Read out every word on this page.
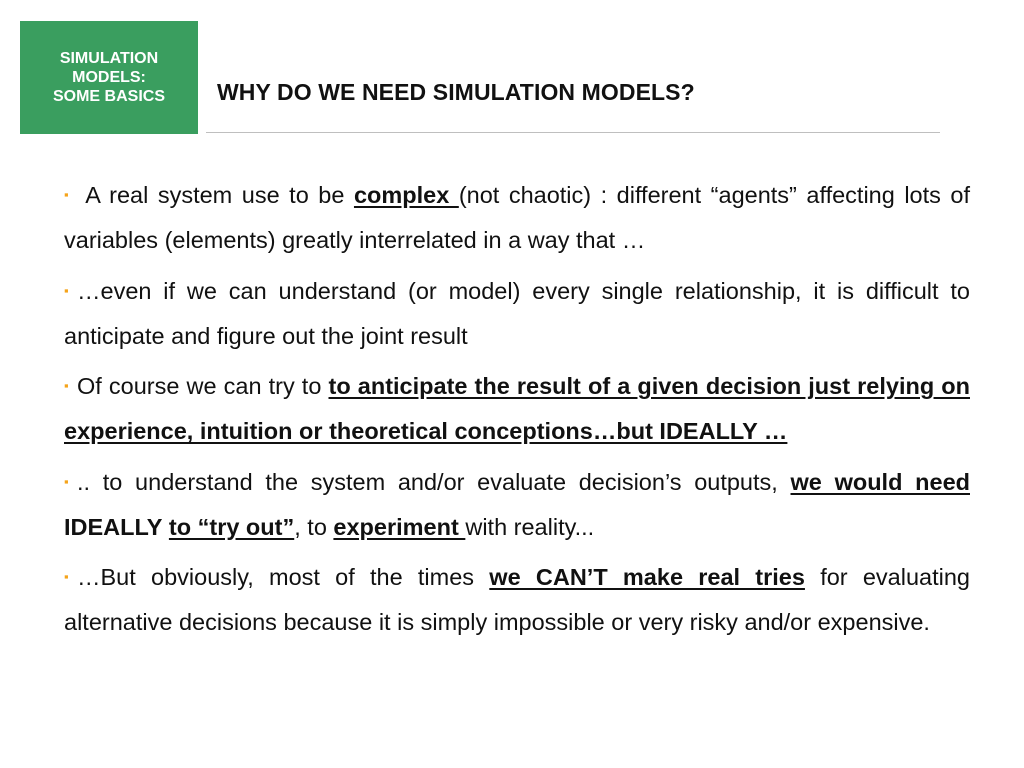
SIMULATION
MODELS:
SOME BASICS WHY DO WE NEED SIMULATION MODELS?

▪ A real system use to be complex (not chaotic) : different “agents” affecting lots of variables (elements) greatly interrelated in a way that …

▪ …even if we can understand (or model) every single relationship, it is difficult to anticipate and figure out the joint result

▪ Of course we can try to to anticipate the result of a given decision just relying on experience, intuition or theoretical conceptions…but IDEALLY …

▪ .. to understand the system and/or evaluate decision’s outputs, we would need IDEALLY to “try out”, to experiment with reality...

▪ …But obviously, most of the times we CAN’T make real tries for evaluating alternative decisions because it is simply impossible or very risky and/or expensive.
